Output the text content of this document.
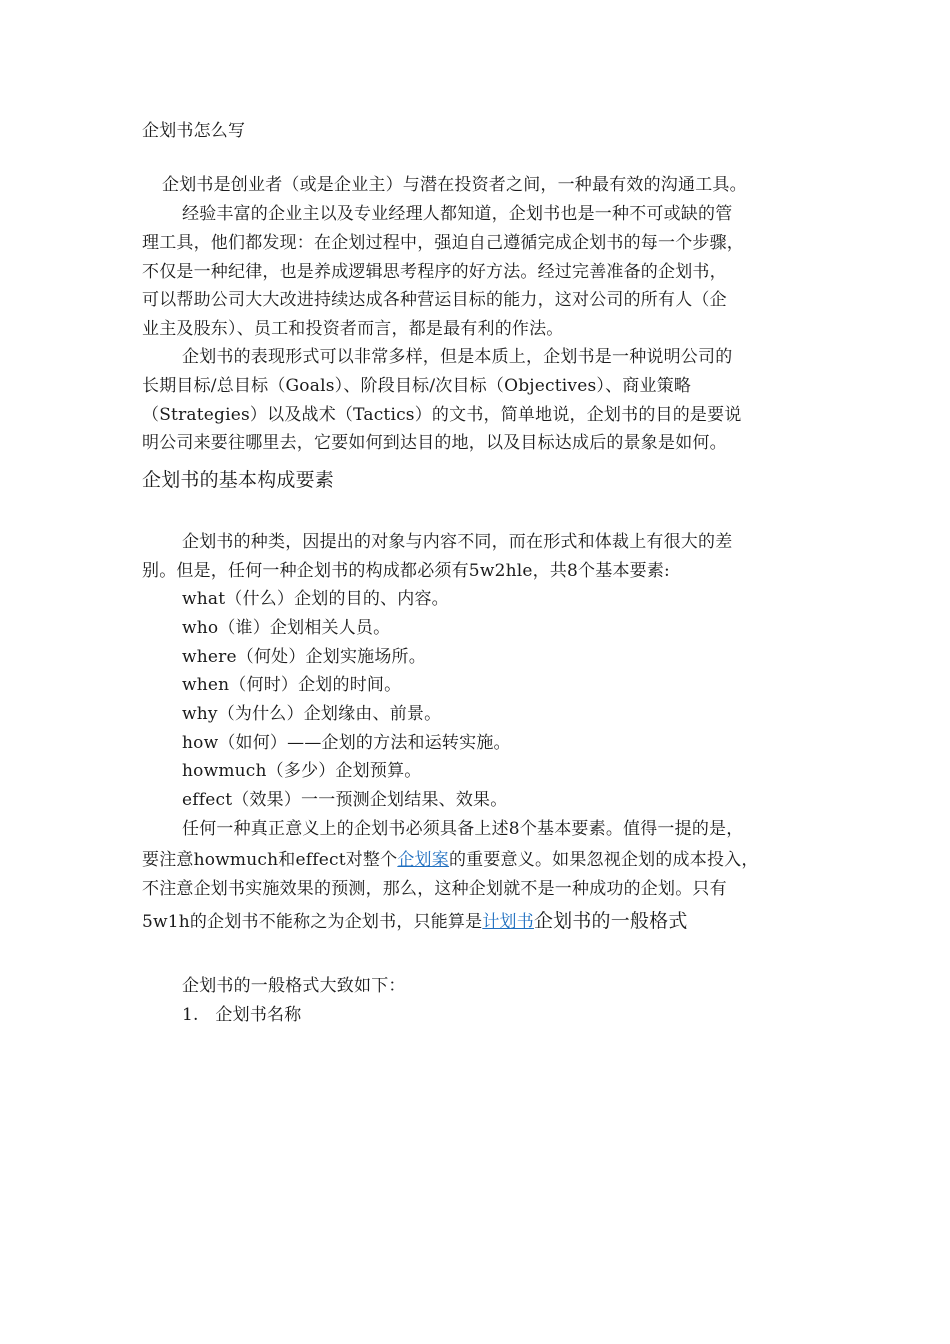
企划书怎么写
企划书是创业者（或是企业主）与潜在投资者之间，一种最有效的沟通工具。
经验丰富的企业主以及专业经理人都知道，企划书也是一种不可或缺的管
理工具，他们都发现：在企划过程中，强迫自己遵循完成企划书的每一个步骤，
不仅是一种纪律，也是养成逻辑思考程序的好方法。经过完善准备的企划书，
可以帮助公司大大改进持续达成各种营运目标的能力，这对公司的所有人（企
业主及股东）、员工和投资者而言，都是最有利的作法。
企划书的表现形式可以非常多样，但是本质上，企划书是一种说明公司的
长期目标/总目标（Goals）、阶段目标/次目标（Objectives）、商业策略
（Strategies）以及战术（Tactics）的文书，简单地说，企划书的目的是要说
明公司来要往哪里去，它要如何到达目的地，以及目标达成后的景象是如何。
企划书的基本构成要素
企划书的种类，因提出的对象与内容不同，而在形式和体裁上有很大的差
别。但是，任何一种企划书的构成都必须有5w2hle，共8个基本要素:
what（什么）企划的目的、内容。
who（谁）企划相关人员。
where（何处）企划实施场所。
when（何时）企划的时间。
why（为什么）企划缘由、前景。
how（如何）——企划的方法和运转实施。
howmuch（多少）企划预算。
effect（效果）一一预测企划结果、效果。
任何一种真正意义上的企划书必须具备上述8个基本要素。值得一提的是，
要注意howmuch和effect对整个企划案的重要意义。如果忽视企划的成本投入，
不注意企划书实施效果的预测，那么，这种企划就不是一种成功的企划。只有
5w1h的企划书不能称之为企划书，只能算是计划书企划书的一般格式
企划书的一般格式大致如下：
1.   企划书名称
